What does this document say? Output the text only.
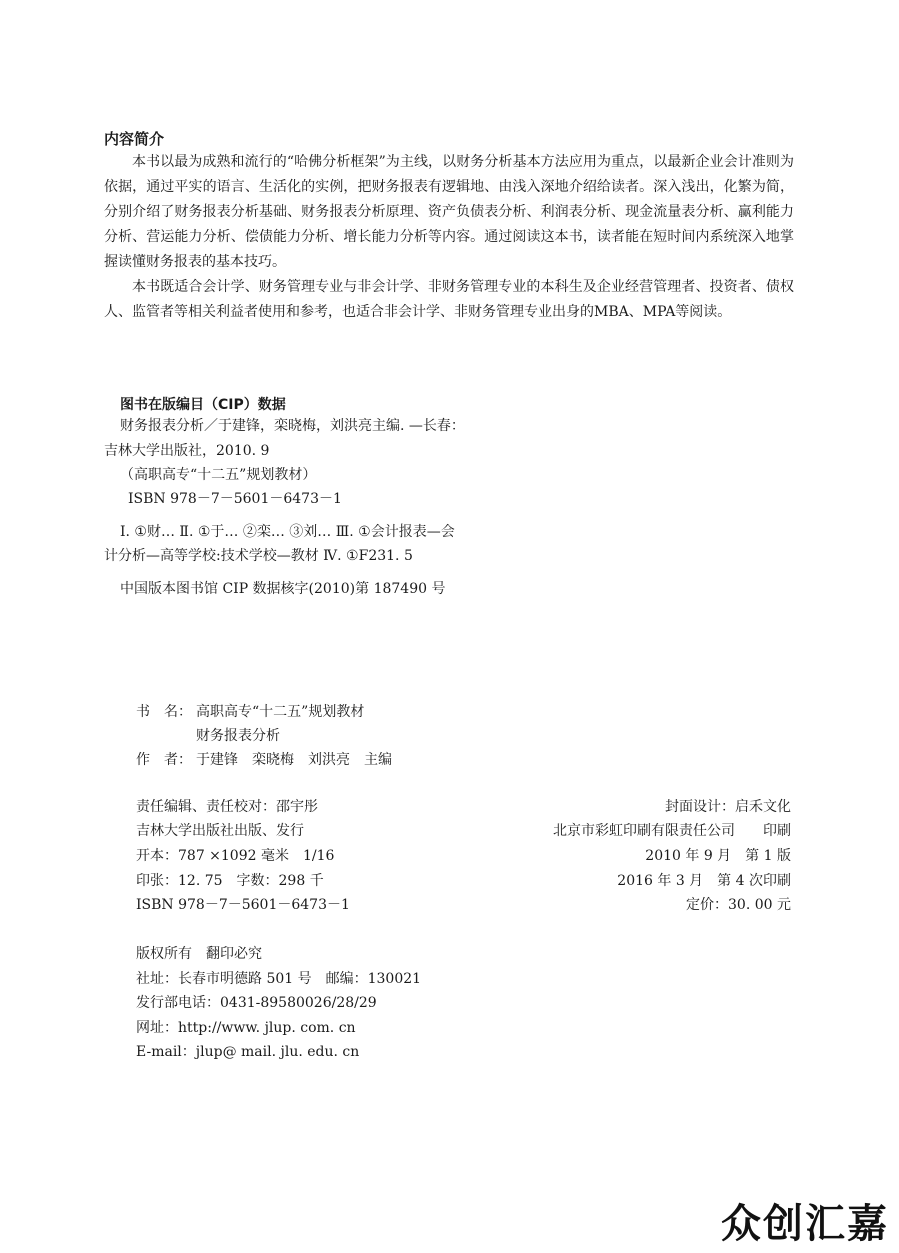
内容简介
本书以最为成熟和流行的“哈佛分析框架”为主线，以财务分析基本方法应用为重点，以最新企业会计准则为依据，通过平实的语言、生活化的实例，把财务报表有逻辑地、由浅入深地介绍给读者。深入浅出，化繁为简，分别介绍了财务报表分析基础、财务报表分析原理、资产负债表分析、利润表分析、现金流量表分析、赢利能力分析、营运能力分析、偿债能力分析、增长能力分析等内容。通过阅读这本书，读者能在短时间内系统深入地掌握读懂财务报表的基本技巧。
本书既适合会计学、财务管理专业与非会计学、非财务管理专业的本科生及企业经营管理者、投资者、债权人、监管者等相关利益者使用和参考，也适合非会计学、非财务管理专业出身的MBA、MPA等阅读。
图书在版编目（CIP）数据
财务报表分析／于建锋，栾晓梅，刘洪亮主编. —长春：
吉林大学出版社，2010. 9
（高职高专“十二五”规划教材）
ISBN 978－7－5601－6473－1
Ⅰ. ①财… Ⅱ. ①于… ②栾… ③刘… Ⅲ. ①会计报表—会
计分析—高等学校:技术学校—教材 Ⅳ. ①F231. 5
中国版本图书馆 CIP 数据核字(2010)第 187490 号
书　名： 高职高专“十二五”规划教材
财务报表分析
作　者： 于建锋　栾晓梅　刘洪亮　主编
责任编辑、责任校对：邵宇彤	封面设计：启禾文化
吉林大学出版社出版、发行	北京市彩虹印刷有限责任公司　　印刷
开本：787 ×1092 毫米　1/16	2010 年 9 月　第 1 版
印张：12. 75　字数：298 千	2016 年 3 月　第 4 次印刷
ISBN 978－7－5601－6473－1	定价：30. 00 元
版权所有　翻印必究
社址：长春市明德路 501 号　邮编：130021
发行部电话：0431-89580026/28/29
网址：http://www. jlup. com. cn
E-mail：jlup@ mail. jlu. edu. cn
众创汇嘉
